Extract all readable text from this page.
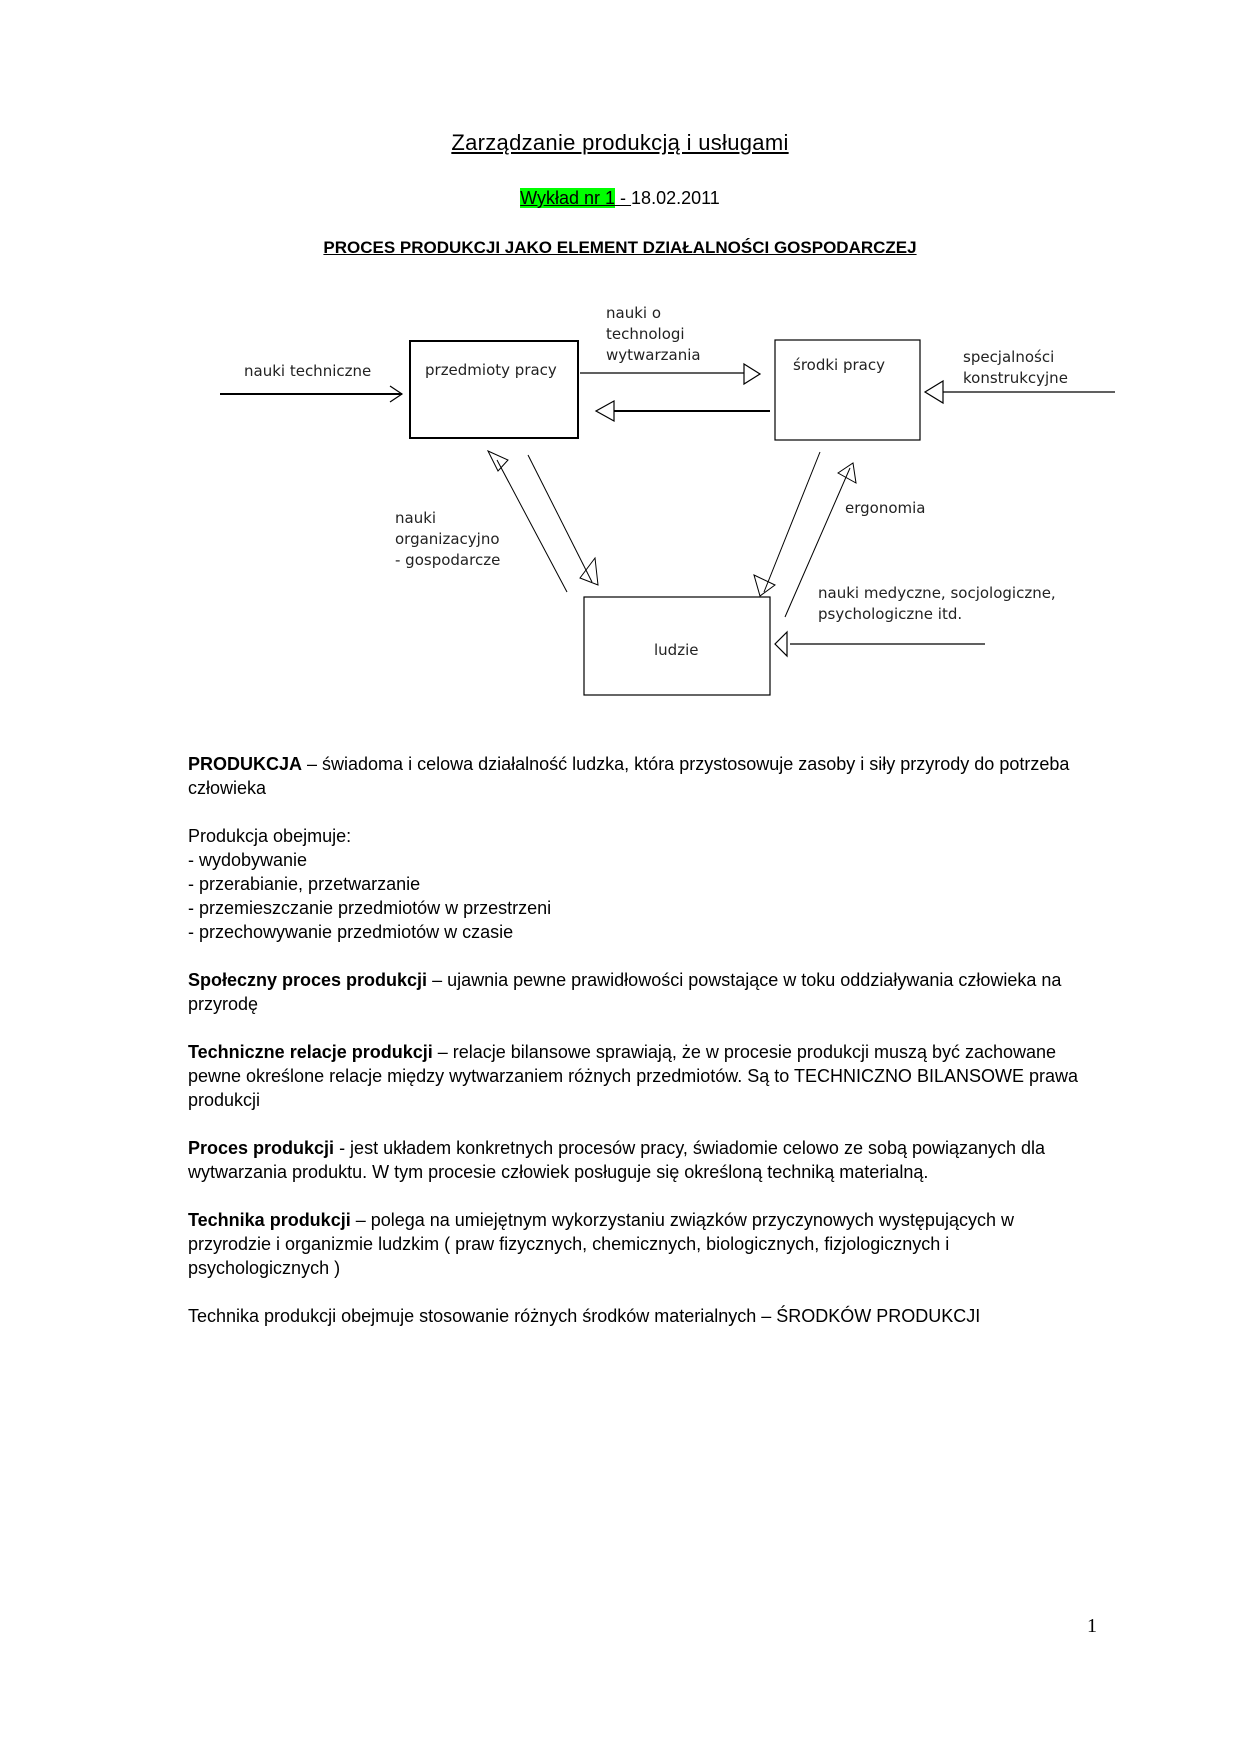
Zarządzanie produkcją i usługami
Wykład nr 1 - 18.02.2011
PROCES PRODUKCJI JAKO ELEMENT DZIAŁALNOŚCI GOSPODARCZEJ
przedmioty pracy	środki pracy
ludzie
nauki techniczne
nauki o
technologi
wytwarzania	specjalności
konstrukcyjne
nauki
organizacyjno
- gospodarcze
ergonomia
nauki medyczne, socjologiczne,
psychologiczne itd.

PRODUKCJA – świadoma i celowa działalność ludzka, która przystosowuje zasoby i siły przyrody do potrzeba człowieka

Produkcja obejmuje:
- wydobywanie
- przerabianie, przetwarzanie
- przemieszczanie przedmiotów w przestrzeni
- przechowywanie przedmiotów w czasie

Społeczny proces produkcji – ujawnia pewne prawidłowości powstające w toku oddziaływania człowieka na przyrodę

Techniczne relacje produkcji – relacje bilansowe sprawiają, że w procesie produkcji muszą być zachowane pewne określone relacje między wytwarzaniem różnych przedmiotów. Są to TECHNICZNO BILANSOWE prawa produkcji

Proces produkcji - jest układem konkretnych procesów pracy, świadomie celowo ze sobą powiązanych dla wytwarzania produktu. W tym procesie człowiek posługuje się określoną techniką materialną.

Technika produkcji – polega na umiejętnym wykorzystaniu związków przyczynowych występujących w przyrodzie i organizmie ludzkim ( praw fizycznych, chemicznych, biologicznych, fizjologicznych i psychologicznych )

Technika produkcji obejmuje stosowanie różnych środków materialnych – ŚRODKÓW PRODUKCJI

1
